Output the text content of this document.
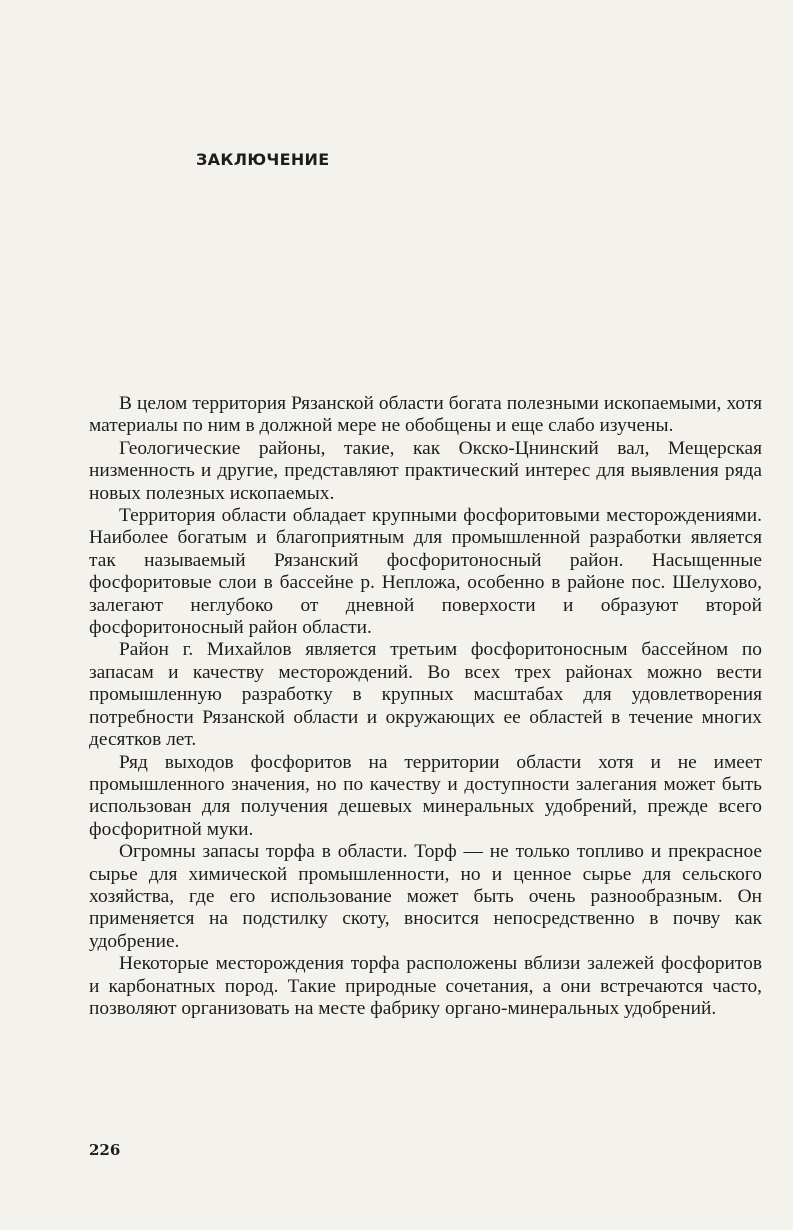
ЗАКЛЮЧЕНИЕ

В целом территория Рязанской области богата полезными ископаемыми, хотя материалы по ним в должной мере не обобщены и еще слабо изучены.

Геологические районы, такие, как Окско-Цнинский вал, Мещерская низменность и другие, представляют практический интерес для выявления ряда новых полезных ископаемых.

Территория области обладает крупными фосфоритовыми месторождениями. Наиболее богатым и благоприятным для промышленной разработки является так называемый Рязанский фосфоритоносный район. Насыщенные фосфоритовые слои в бассейне р. Непложа, особенно в районе пос. Шелухово, залегают неглубоко от дневной поверхости и образуют второй фосфоритоносный район области.

Район г. Михайлов является третьим фосфоритоносным бассейном по запасам и качеству месторождений. Во всех трех районах можно вести промышленную разработку в крупных масштабах для удовлетворения потребности Рязанской области и окружающих ее областей в течение многих десятков лет.

Ряд выходов фосфоритов на территории области хотя и не имеет промышленного значения, но по качеству и доступности залегания может быть использован для получения дешевых минеральных удобрений, прежде всего фосфоритной муки.

Огромны запасы торфа в области. Торф — не только топливо и прекрасное сырье для химической промышленности, но и ценное сырье для сельского хозяйства, где его использование может быть очень разнообразным. Он применяется на подстилку скоту, вносится непосредственно в почву как удобрение.

Некоторые месторождения торфа расположены вблизи залежей фосфоритов и карбонатных пород. Такие природные сочетания, а они встречаются часто, позволяют организовать на месте фабрику органо-минеральных удобрений.

226
